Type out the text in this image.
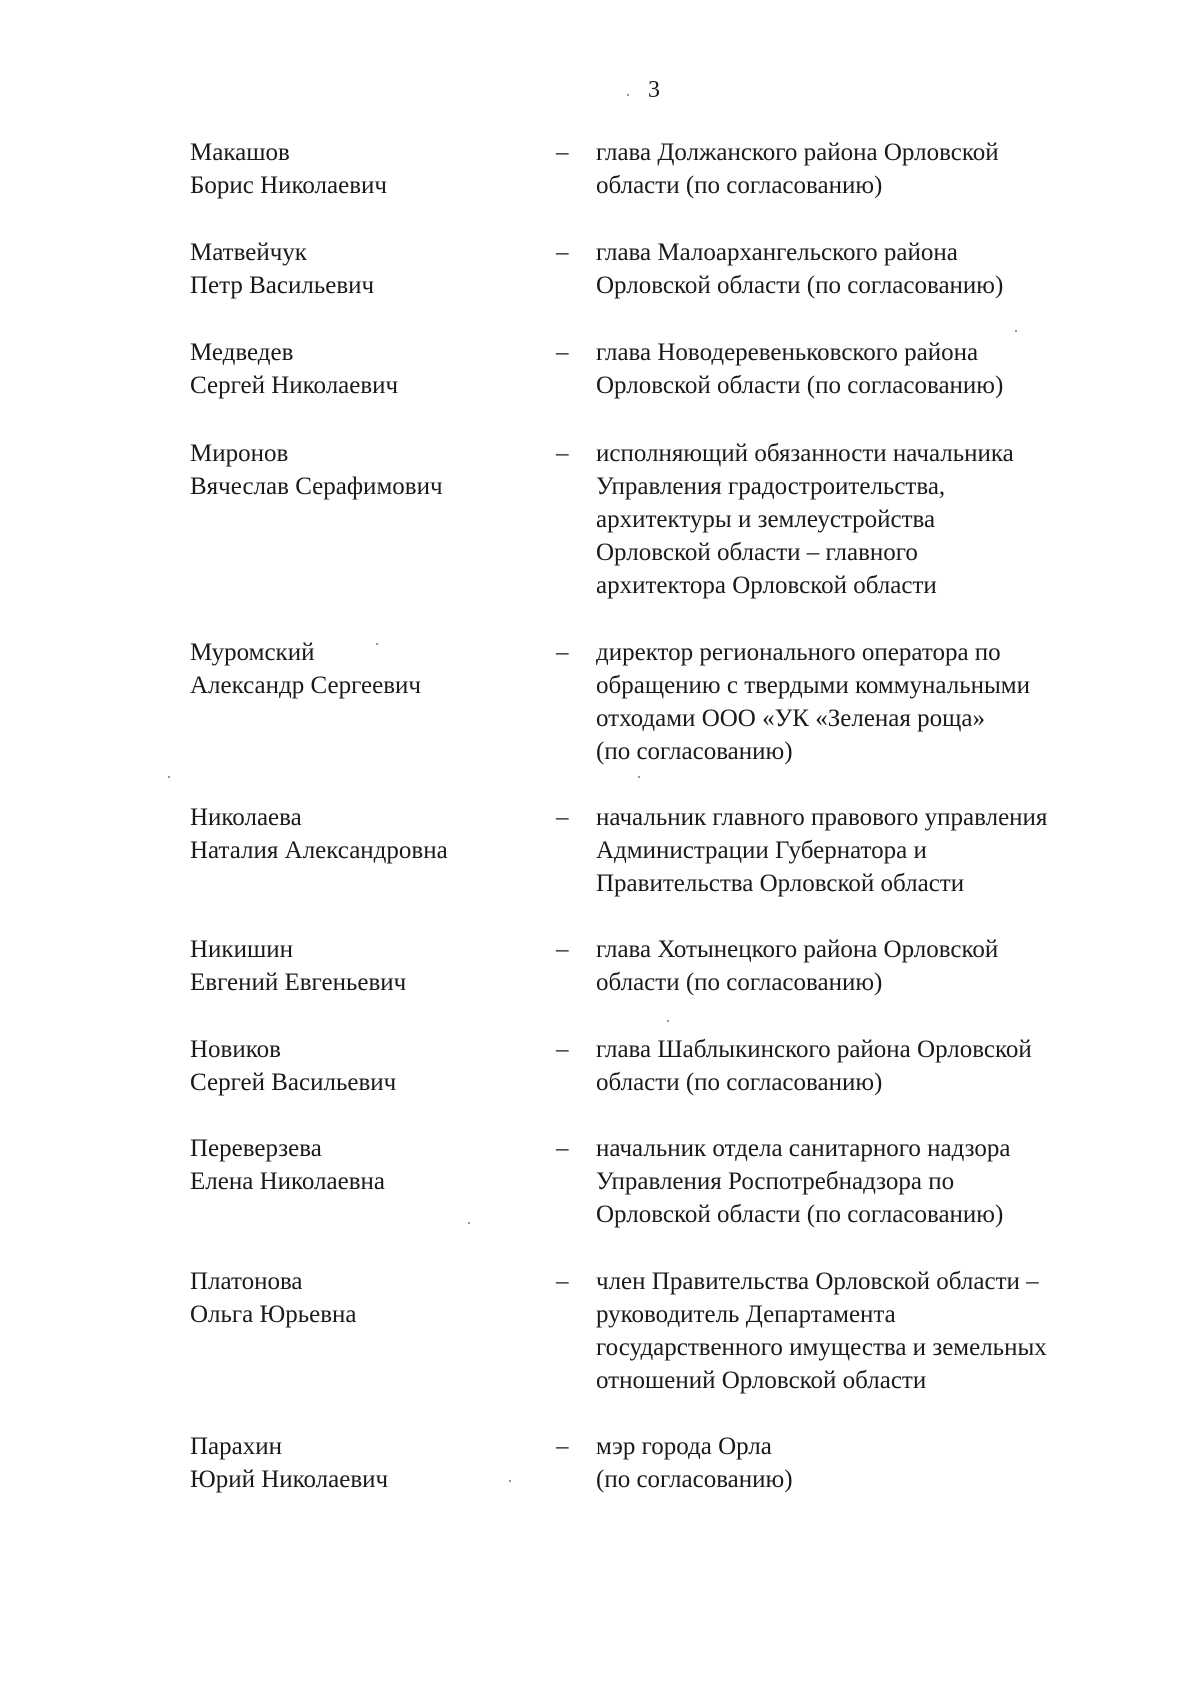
3
Макашов
Борис Николаевич
– глава Должанского района Орловской
области (по согласованию)
Матвейчук
Петр Васильевич
– глава Малоархангельского района
Орловской области (по согласованию)
Медведев
Сергей Николаевич
– глава Новодеревеньковского района
Орловской области (по согласованию)
Миронов
Вячеслав Серафимович
– исполняющий обязанности начальника
Управления градостроительства,
архитектуры и землеустройства
Орловской области – главного
архитектора Орловской области
Муромский
Александр Сергеевич
– директор регионального оператора по
обращению с твердыми коммунальными
отходами ООО «УК «Зеленая роща»
(по согласованию)
Николаева
Наталия Александровна
– начальник главного правового управления
Администрации Губернатора и
Правительства Орловской области
Никишин
Евгений Евгеньевич
– глава Хотынецкого района Орловской
области (по согласованию)
Новиков
Сергей Васильевич
– глава Шаблыкинского района Орловской
области (по согласованию)
Переверзева
Елена Николаевна
– начальник отдела санитарного надзора
Управления Роспотребнадзора по
Орловской области (по согласованию)
Платонова
Ольга Юрьевна
– член Правительства Орловской области –
руководитель Департамента
государственного имущества и земельных
отношений Орловской области
Парахин
Юрий Николаевич
– мэр города Орла
(по согласованию)
